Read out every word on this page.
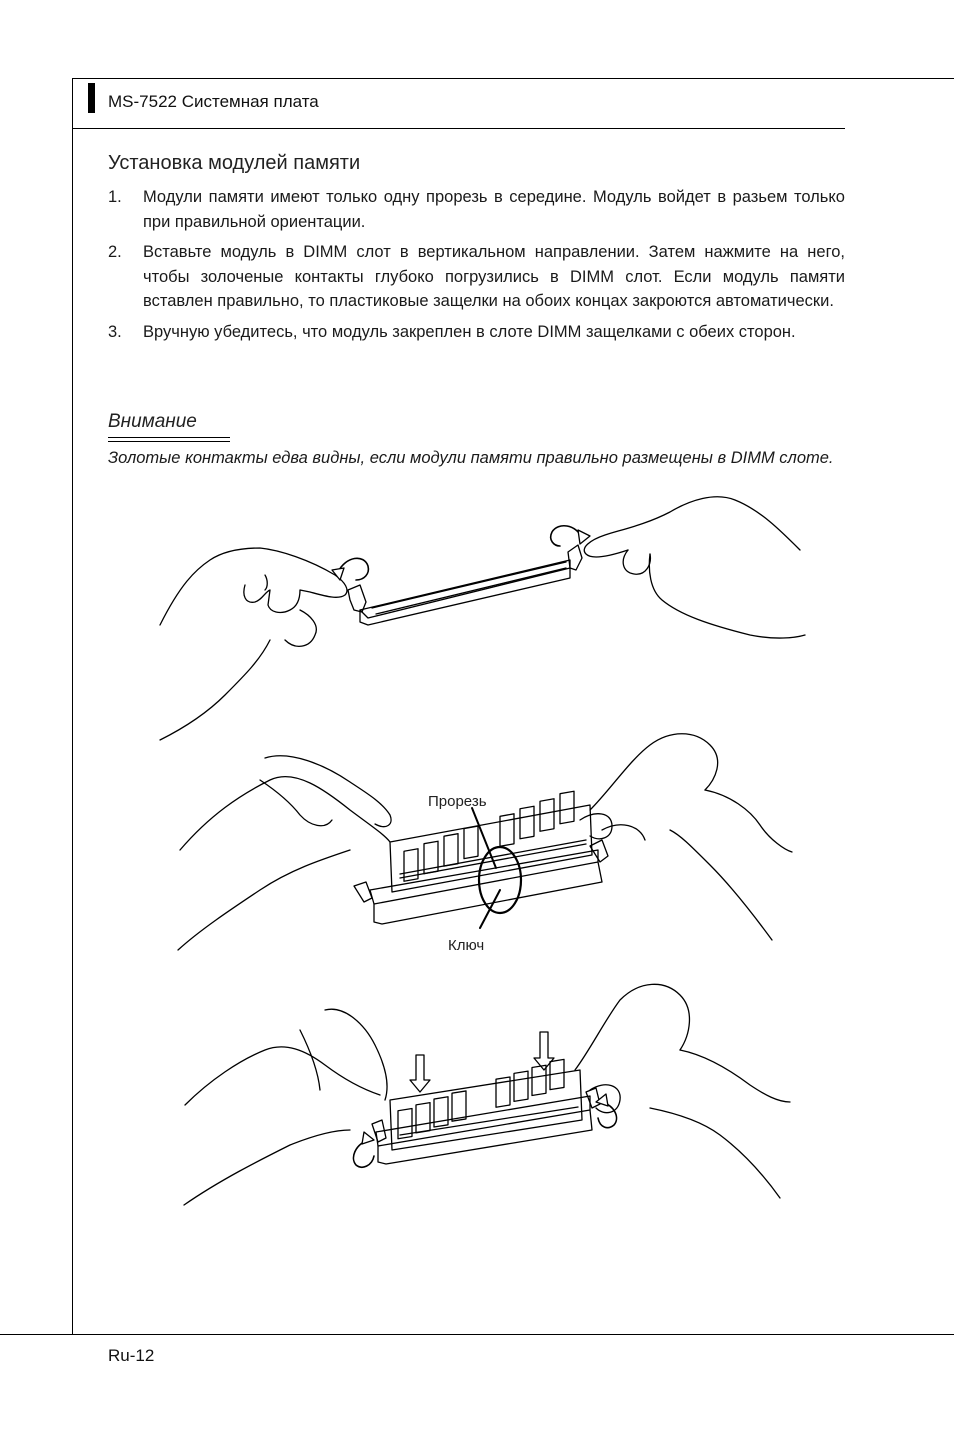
MS-7522 Системная плата
Установка модулей памяти
1.	Модули памяти имеют только одну прорезь в середине. Модуль войдет в разьем только при правильной ориентации.
2.	Вставьте модуль в DIMM слот в вертикальном направлении. Затем нажмите на него, чтобы золоченые контакты глубоко погрузились в DIMM слот. Если модуль памяти вставлен правильно, то пластиковые защелки на обоих концах закроются автоматически.
3.	Вручную убедитесь, что модуль закреплен в слоте DIMM защелками с обеих сторон.
Внимание
Золотые контакты едва видны, если модули памяти правильно размещены в DIMM слоте.
Прорезь
Ключ
Ru-12
